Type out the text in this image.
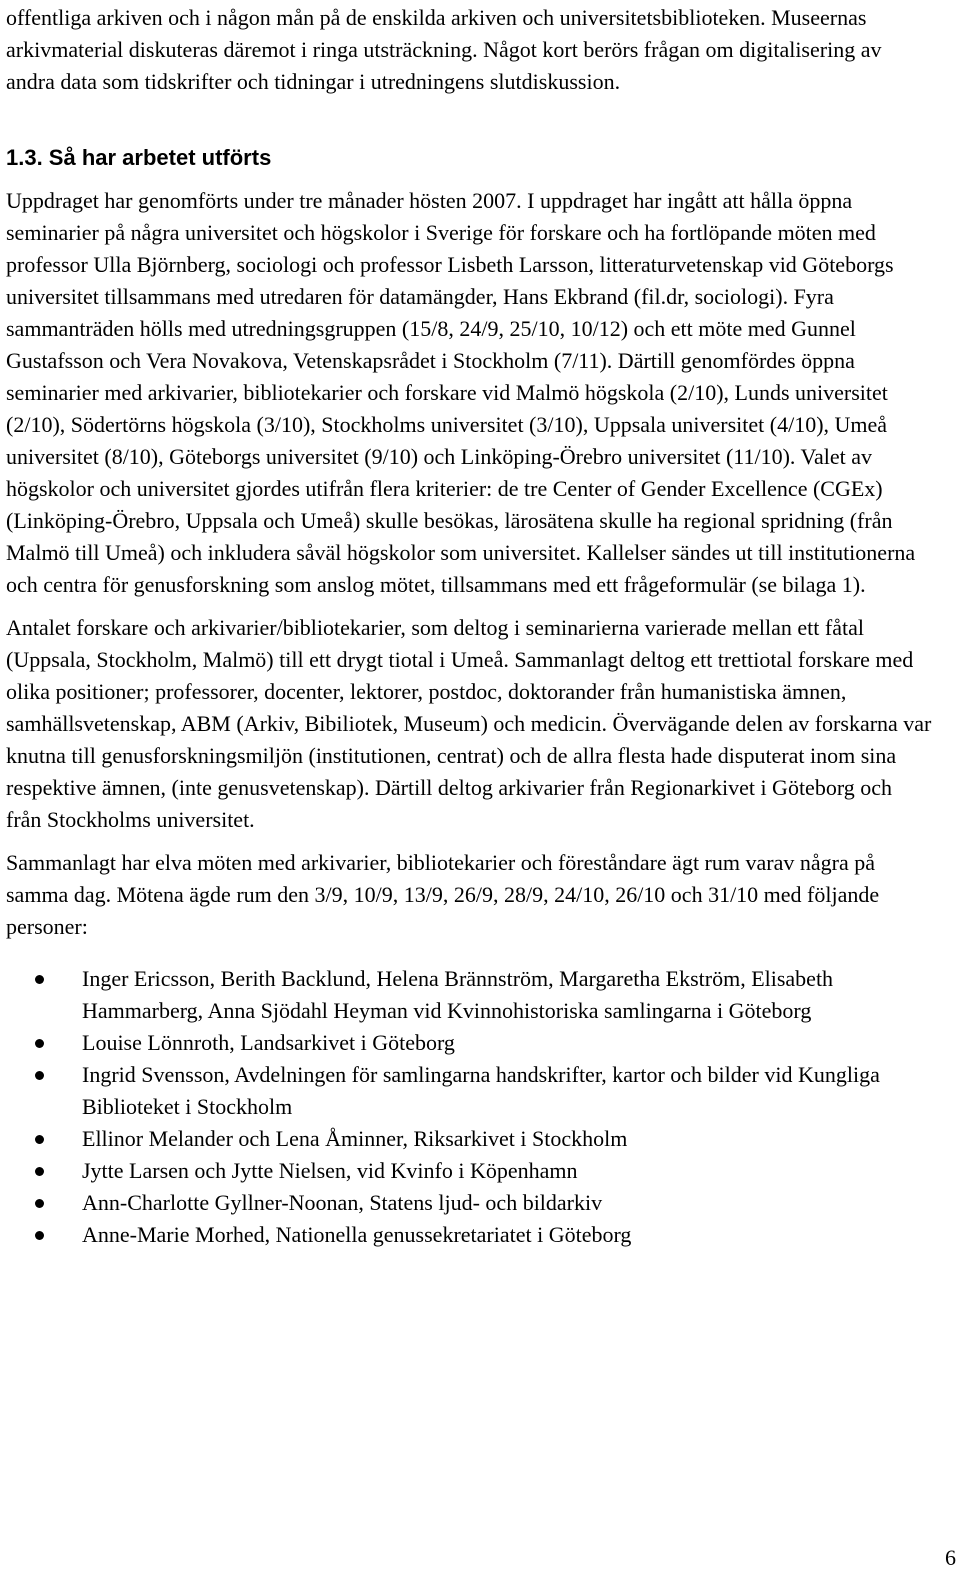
offentliga arkiven och i någon mån på de enskilda arkiven och universitetsbiblioteken. Museernas arkivmaterial diskuteras däremot i ringa utsträckning. Något kort berörs frågan om digitalisering av andra data som tidskrifter och tidningar i utredningens slutdiskussion.

1.3. Så har arbetet utförts

Uppdraget har genomförts under tre månader hösten 2007. I uppdraget har ingått att hålla öppna seminarier på några universitet och högskolor i Sverige för forskare och ha fortlöpande möten med professor Ulla Björnberg, sociologi och professor Lisbeth Larsson, litteraturvetenskap vid Göteborgs universitet tillsammans med utredaren för datamängder, Hans Ekbrand (fil.dr, sociologi). Fyra sammanträden hölls med utredningsgruppen (15/8, 24/9, 25/10, 10/12) och ett möte med Gunnel Gustafsson och Vera Novakova, Vetenskapsrådet i Stockholm (7/11). Därtill genomfördes öppna seminarier med arkivarier, bibliotekarier och forskare vid Malmö högskola (2/10), Lunds universitet (2/10), Södertörns högskola (3/10), Stockholms universitet (3/10), Uppsala universitet (4/10), Umeå universitet (8/10), Göteborgs universitet (9/10) och Linköping-Örebro universitet (11/10). Valet av högskolor och universitet gjordes utifrån flera kriterier: de tre Center of Gender Excellence (CGEx) (Linköping-Örebro, Uppsala och Umeå) skulle besökas, lärosätena skulle ha regional spridning (från Malmö till Umeå) och inkludera såväl högskolor som universitet. Kallelser sändes ut till institutionerna och centra för genusforskning som anslog mötet, tillsammans med ett frågeformulär (se bilaga 1).

Antalet forskare och arkivarier/bibliotekarier, som deltog i seminarierna varierade mellan ett fåtal (Uppsala, Stockholm, Malmö) till ett drygt tiotal i Umeå. Sammanlagt deltog ett trettiotal forskare med olika positioner; professorer, docenter, lektorer, postdoc, doktorander från humanistiska ämnen, samhällsvetenskap, ABM (Arkiv, Bibiliotek, Museum) och medicin. Övervägande delen av forskarna var knutna till genusforskningsmiljön (institutionen, centrat) och de allra flesta hade disputerat inom sina respektive ämnen, (inte genusvetenskap). Därtill deltog arkivarier från Regionarkivet i Göteborg och från Stockholms universitet.

Sammanlagt har elva möten med arkivarier, bibliotekarier och föreståndare ägt rum varav några på samma dag. Mötena ägde rum den 3/9, 10/9, 13/9, 26/9, 28/9, 24/10, 26/10 och 31/10 med följande personer:

Inger Ericsson, Berith Backlund, Helena Brännström, Margaretha Ekström, Elisabeth Hammarberg, Anna Sjödahl Heyman vid Kvinnohistoriska samlingarna i Göteborg
Louise Lönnroth, Landsarkivet i Göteborg
Ingrid Svensson, Avdelningen för samlingarna handskrifter, kartor och bilder vid Kungliga Biblioteket i Stockholm
Ellinor Melander och Lena Åminner, Riksarkivet i Stockholm
Jytte Larsen och Jytte Nielsen, vid Kvinfo i Köpenhamn
Ann-Charlotte Gyllner-Noonan, Statens ljud- och bildarkiv
Anne-Marie Morhed, Nationella genussekretariatet i Göteborg
6
